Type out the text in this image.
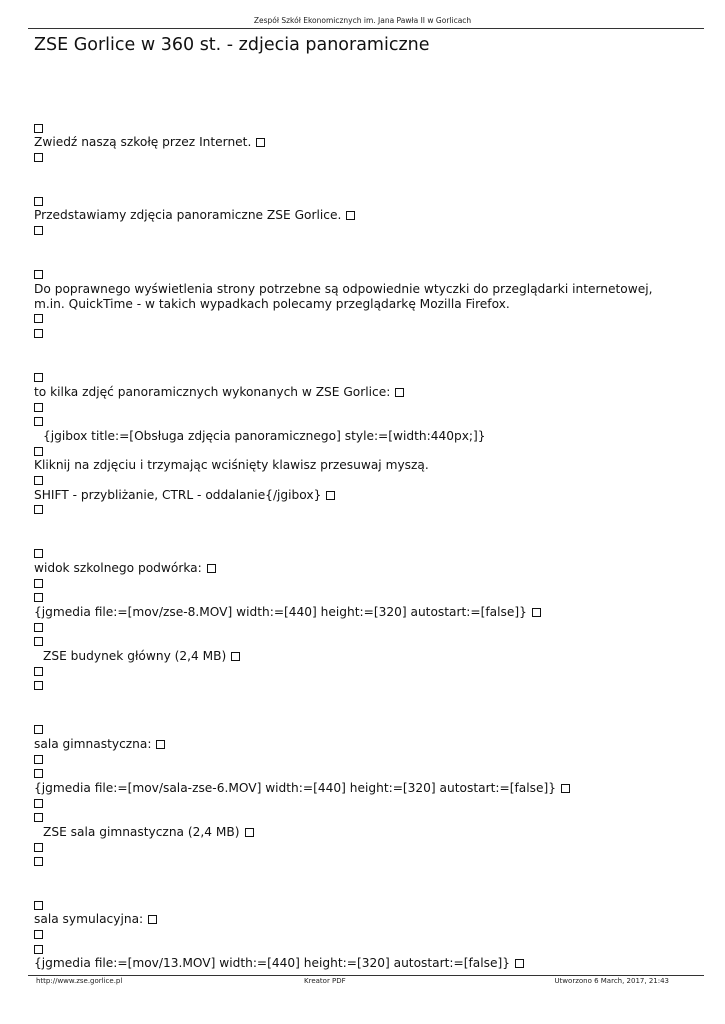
Zespół Szkół Ekonomicznych im. Jana Pawła II w Gorlicach
ZSE Gorlice w 360 st. - zdjecia panoramiczne
Zwiedź naszą szkołę przez Internet.
Przedstawiamy zdjęcia panoramiczne ZSE Gorlice.
Do poprawnego wyświetlenia strony potrzebne są odpowiednie wtyczki do przeglądarki internetowej,
m.in. QuickTime - w takich wypadkach polecamy przeglądarkę Mozilla Firefox.
to kilka zdjęć panoramicznych wykonanych w ZSE Gorlice:
{jgibox title:=[Obsługa zdjęcia panoramicznego] style:=[width:440px;]}
Kliknij na zdjęciu i trzymając wciśnięty klawisz przesuwaj myszą.
SHIFT - przybliżanie, CTRL - oddalanie{/jgibox}
widok szkolnego podwórka:
{jgmedia file:=[mov/zse-8.MOV] width:=[440] height:=[320] autostart:=[false]}
ZSE budynek główny (2,4 MB)
sala gimnastyczna:
{jgmedia file:=[mov/sala-zse-6.MOV] width:=[440] height:=[320] autostart:=[false]}
ZSE sala gimnastyczna (2,4 MB)
sala symulacyjna:
{jgmedia file:=[mov/13.MOV] width:=[440] height:=[320] autostart:=[false]}
http://www.zse.gorlice.pl	Kreator PDF	Utworzono 6 March, 2017, 21:43
